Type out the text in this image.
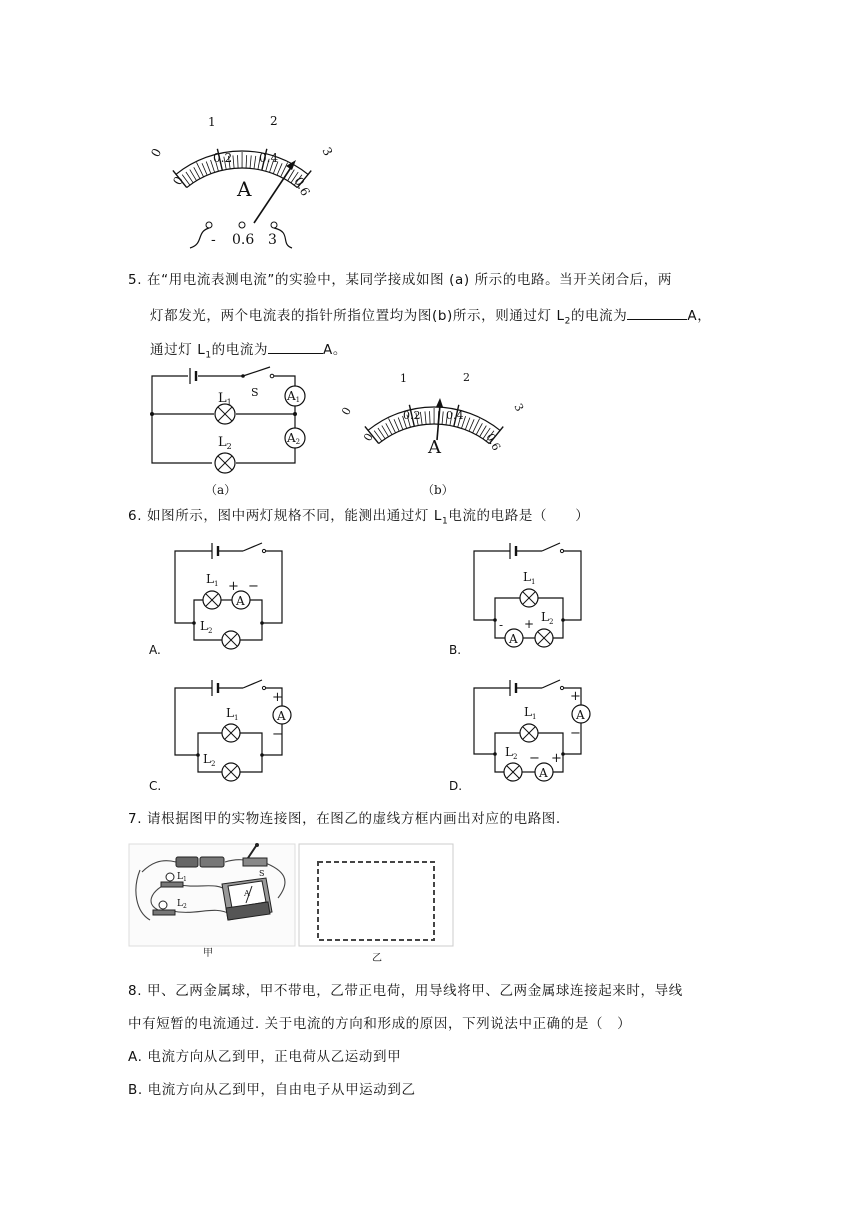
0
1	2
3
0
0.2 0.4
0.6
A
- 0.6 3
5. 在“用电流表测电流”的实验中，某同学接成如图 (a) 所示的电路。当开关闭合后，两
灯都发光，两个电流表的指针所指位置均为图(b)所示，则通过灯 $L_2$的电流为	A，
通过灯 $L_1$的电流为	A。
S
$L_1$
$L_2$
A1
A2
（a）
0
1	2
3
0
0.2 0.4
0.6
A
（b）
6. 如图所示，图中两灯规格不同，能测出通过灯 $L_1$电流的电路是（　　）
A
$L_1$
$L_2$
+ −
A.
A
$L_1$
$L_2$
- +
B.
A
+
−
$L_1$
$L_2$
C.
A
A
+
−
− +
$L_1$
$L_2$
D.
7. 请根据图甲的实物连接图，在图乙的虚线方框内画出对应的电路图.
S
$L_1$
$L_2$
A
甲	乙
8. 甲、乙两金属球，甲不带电，乙带正电荷，用导线将甲、乙两金属球连接起来时，导线
中有短暂的电流通过. 关于电流的方向和形成的原因，下列说法中正确的是（　）
A. 电流方向从乙到甲，正电荷从乙运动到甲
B. 电流方向从乙到甲，自由电子从甲运动到乙
